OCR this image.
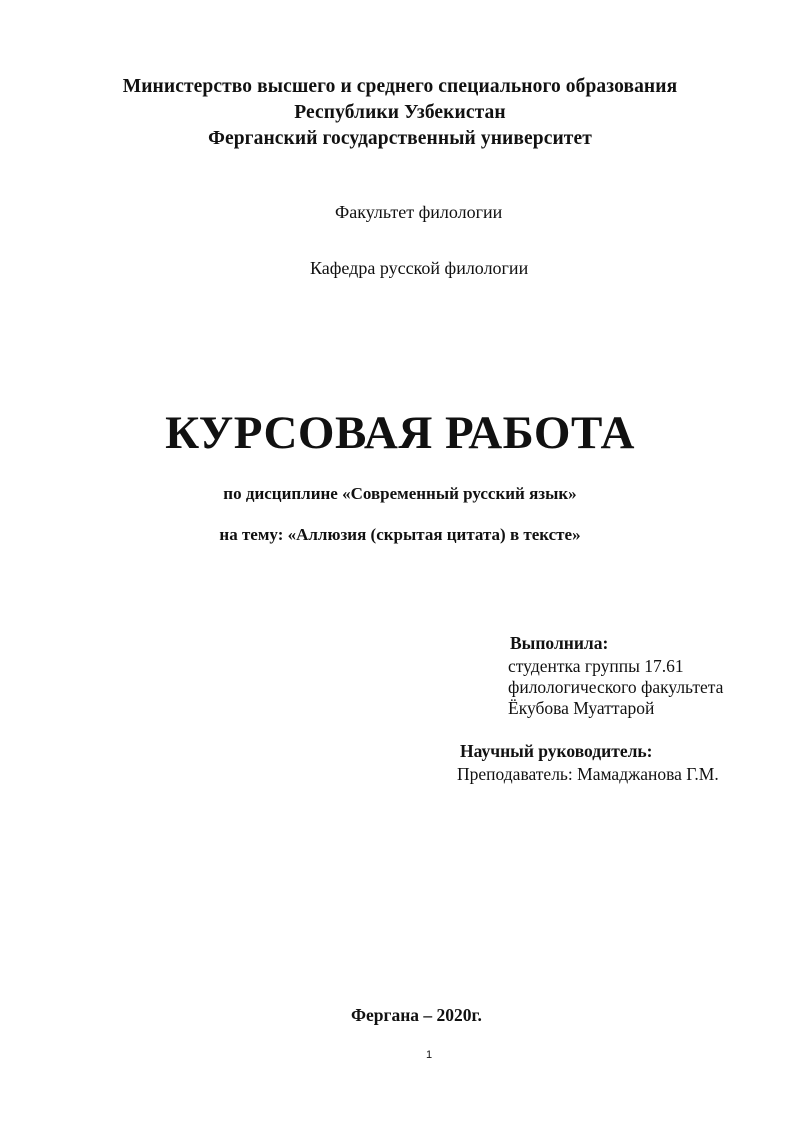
Министерство высшего и среднего специального образования
Республики Узбекистан
Ферганский государственный университет
Факультет филологии
Кафедра русской филологии
КУРСОВАЯ РАБОТА
по дисциплине «Современный русский язык»
на тему: «Аллюзия (скрытая цитата) в тексте»
Выполнила:
студентка группы 17.61
филологического факультета
Ёкубова Муаттарой
Научный руководитель:
Преподаватель: Мамаджанова Г.М.
Фергана – 2020г.
1
